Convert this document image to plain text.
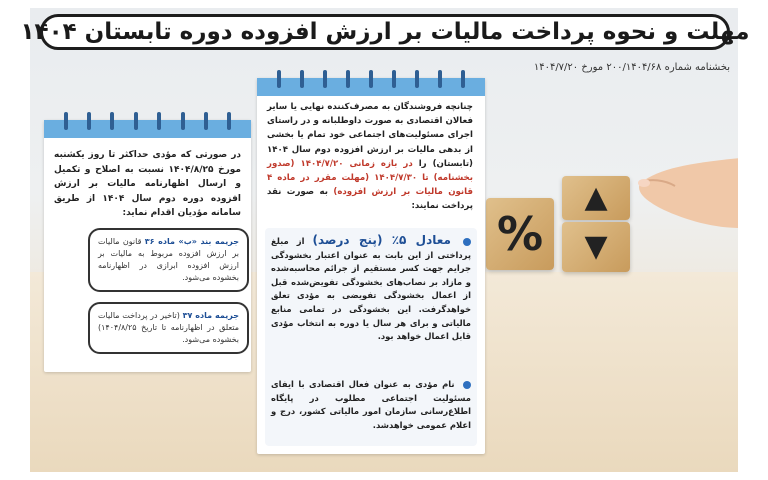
%
▲
▼
مهلت و نحوه پرداخت مالیات بر ارزش افزوده دوره تابستان ۱۴۰۴
بخشنامه شماره ۲۰۰/۱۴۰۴/۶۸ مورخ ۱۴۰۴/۷/۲۰
در صورتی که مؤدی حداکثر تا روز یکشنبه مورخ ۱۴۰۴/۸/۲۵ نسبت به اصلاح و تکمیل و ارسال اظهارنامه مالیات بر ارزش افزوده دوره دوم سال ۱۴۰۴ از طریق سامانه مؤدیان اقدام نماید:
جریمه بند «ب» ماده ۳۶ قانون مالیات بر ارزش افزوده مربوط به مالیات بر ارزش افزوده ابرازی در اظهارنامه بخشوده می‌شود.
جریمه ماده ۳۷ (تاخیر در پرداخت مالیات متعلق در اظهارنامه تا تاریخ ۱۴۰۴/۸/۲۵) بخشوده می‌شود.
چنانچه فروشندگان به مصرف‌کننده نهایی یا سایر فعالان اقتصادی به صورت داوطلبانه و در راستای اجرای مسئولیت‌های اجتماعی خود تمام یا بخشی از بدهی مالیات بر ارزش افزوده دوم سال ۱۴۰۴ (تابستان) را در بازه زمانی ۱۴۰۴/۷/۲۰ (صدور بخشنامه) تا ۱۴۰۴/۷/۳۰ (مهلت مقرر در ماده ۴ قانون مالیات بر ارزش افزوده) به صورت نقد پرداخت نمایند:
معادل ۵٪ (پنج درصد) از مبلغ پرداختی از این بابت به عنوان اعتبار بخشودگی جرایم جهت کسر مستقیم از جرائم محاسبه‌شده و مازاد بر نصاب‌های بخشودگی تفویض‌شده قبل از اعمال بخشودگی تفویضی به مؤدی تعلق خواهدگرفت. این بخشودگی در تمامی منابع مالیاتی و برای هر سال یا دوره به انتخاب مؤدی قابل اعمال خواهد بود.
نام مؤدی به عنوان فعال اقتصادی با ایفای مسئولیت اجتماعی مطلوب در پایگاه اطلاع‌رسانی سازمان امور مالیاتی کشور، درج و اعلام عمومی خواهدشد.
